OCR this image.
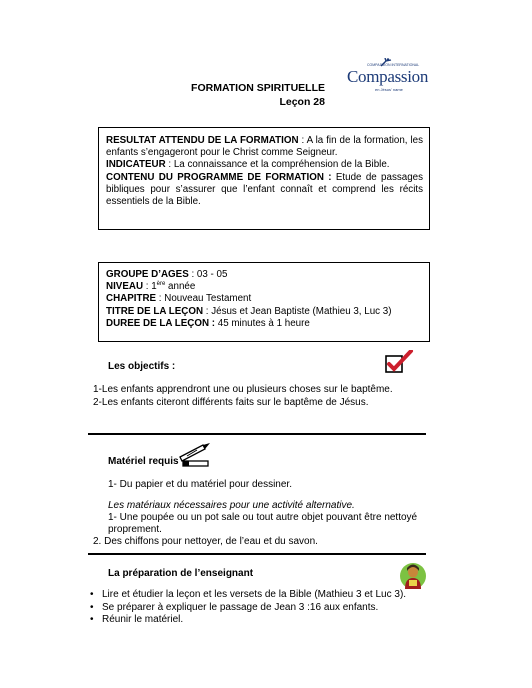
FORMATION SPIRITUELLE
Leçon 28
COMPASSION INTERNATIONAL
Compassion
en Jésus' name
RESULTAT ATTENDU DE LA FORMATION : A la fin de la formation, les enfants s’engageront pour le Christ comme Seigneur.
INDICATEUR : La connaissance et la compréhension de la Bible.
CONTENU DU PROGRAMME DE FORMATION : Etude de passages bibliques pour s’assurer que l’enfant connaît et comprend les récits essentiels de la Bible.
GROUPE D’AGES : 03 - 05
NIVEAU : 1ère année
CHAPITRE : Nouveau Testament
TITRE DE LA LEÇON : Jésus et Jean Baptiste (Mathieu 3, Luc 3)
DUREE DE LA LEÇON : 45 minutes à 1 heure
Les objectifs :
1-Les enfants apprendront une ou plusieurs choses sur le baptême.
2-Les enfants citeront différents faits sur le baptême de Jésus.
Matériel requis
1- Du papier et du matériel pour dessiner.
Les matériaux nécessaires pour une activité alternative.
1- Une poupée ou un pot sale ou tout autre objet pouvant être nettoyé
proprement.
2. Des chiffons pour nettoyer, de l’eau et du savon.
La préparation de l’enseignant
• Lire et étudier la leçon et les versets de la Bible (Mathieu 3 et Luc 3).
• Se préparer à expliquer le passage de Jean 3 :16 aux enfants.
• Réunir le matériel.
